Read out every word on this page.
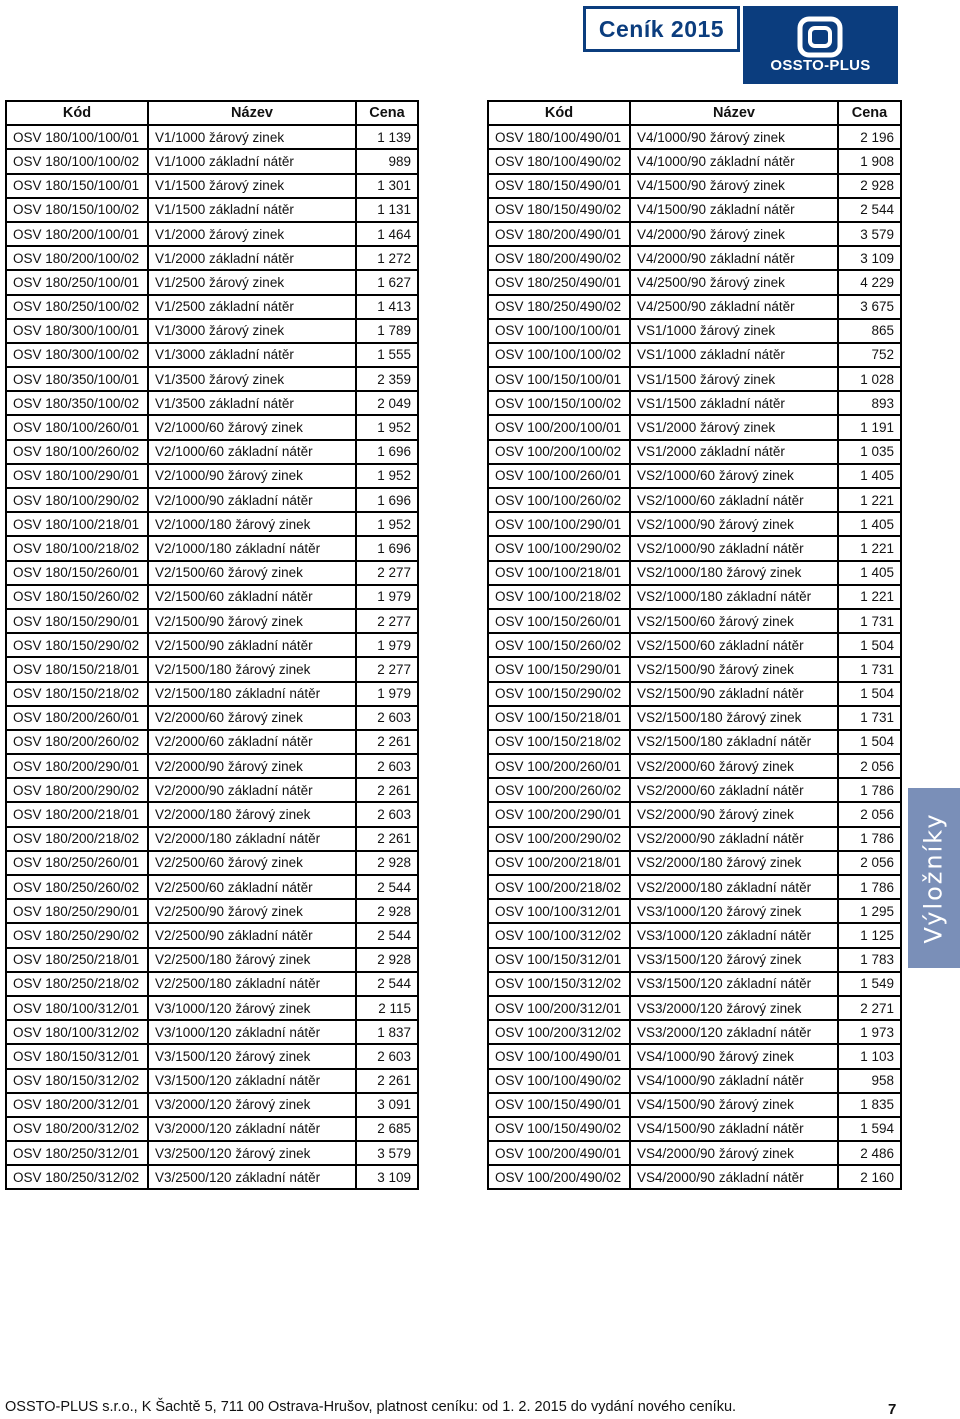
Ceník 2015
OSSTO-PLUS
Kód	Název	Cena
OSV 180/100/100/01	V1/1000 žárový zinek	1 139
OSV 180/100/100/02	V1/1000 základní nátěr	989
OSV 180/150/100/01	V1/1500 žárový zinek	1 301
OSV 180/150/100/02	V1/1500 základní nátěr	1 131
OSV 180/200/100/01	V1/2000 žárový zinek	1 464
OSV 180/200/100/02	V1/2000 základní nátěr	1 272
OSV 180/250/100/01	V1/2500 žárový zinek	1 627
OSV 180/250/100/02	V1/2500 základní nátěr	1 413
OSV 180/300/100/01	V1/3000 žárový zinek	1 789
OSV 180/300/100/02	V1/3000 základní nátěr	1 555
OSV 180/350/100/01	V1/3500 žárový zinek	2 359
OSV 180/350/100/02	V1/3500 základní nátěr	2 049
OSV 180/100/260/01	V2/1000/60 žárový zinek	1 952
OSV 180/100/260/02	V2/1000/60 základní nátěr	1 696
OSV 180/100/290/01	V2/1000/90 žárový zinek	1 952
OSV 180/100/290/02	V2/1000/90 základní nátěr	1 696
OSV 180/100/218/01	V2/1000/180 žárový zinek	1 952
OSV 180/100/218/02	V2/1000/180 základní nátěr	1 696
OSV 180/150/260/01	V2/1500/60 žárový zinek	2 277
OSV 180/150/260/02	V2/1500/60 základní nátěr	1 979
OSV 180/150/290/01	V2/1500/90 žárový zinek	2 277
OSV 180/150/290/02	V2/1500/90 základní nátěr	1 979
OSV 180/150/218/01	V2/1500/180 žárový zinek	2 277
OSV 180/150/218/02	V2/1500/180 základní nátěr	1 979
OSV 180/200/260/01	V2/2000/60 žárový zinek	2 603
OSV 180/200/260/02	V2/2000/60 základní nátěr	2 261
OSV 180/200/290/01	V2/2000/90 žárový zinek	2 603
OSV 180/200/290/02	V2/2000/90 základní nátěr	2 261
OSV 180/200/218/01	V2/2000/180 žárový zinek	2 603
OSV 180/200/218/02	V2/2000/180 základní nátěr	2 261
OSV 180/250/260/01	V2/2500/60 žárový zinek	2 928
OSV 180/250/260/02	V2/2500/60 základní nátěr	2 544
OSV 180/250/290/01	V2/2500/90 žárový zinek	2 928
OSV 180/250/290/02	V2/2500/90 základní nátěr	2 544
OSV 180/250/218/01	V2/2500/180 žárový zinek	2 928
OSV 180/250/218/02	V2/2500/180 základní nátěr	2 544
OSV 180/100/312/01	V3/1000/120 žárový zinek	2 115
OSV 180/100/312/02	V3/1000/120 základní nátěr	1 837
OSV 180/150/312/01	V3/1500/120 žárový zinek	2 603
OSV 180/150/312/02	V3/1500/120 základní nátěr	2 261
OSV 180/200/312/01	V3/2000/120 žárový zinek	3 091
OSV 180/200/312/02	V3/2000/120 základní nátěr	2 685
OSV 180/250/312/01	V3/2500/120 žárový zinek	3 579
OSV 180/250/312/02	V3/2500/120 základní nátěr	3 109
Kód	Název	Cena
OSV 180/100/490/01	V4/1000/90 žárový zinek	2 196
OSV 180/100/490/02	V4/1000/90 základní nátěr	1 908
OSV 180/150/490/01	V4/1500/90 žárový zinek	2 928
OSV 180/150/490/02	V4/1500/90 základní nátěr	2 544
OSV 180/200/490/01	V4/2000/90 žárový zinek	3 579
OSV 180/200/490/02	V4/2000/90 základní nátěr	3 109
OSV 180/250/490/01	V4/2500/90 žárový zinek	4 229
OSV 180/250/490/02	V4/2500/90 základní nátěr	3 675
OSV 100/100/100/01	VS1/1000 žárový zinek	865
OSV 100/100/100/02	VS1/1000 základní nátěr	752
OSV 100/150/100/01	VS1/1500 žárový zinek	1 028
OSV 100/150/100/02	VS1/1500 základní nátěr	893
OSV 100/200/100/01	VS1/2000 žárový zinek	1 191
OSV 100/200/100/02	VS1/2000 základní nátěr	1 035
OSV 100/100/260/01	VS2/1000/60 žárový zinek	1 405
OSV 100/100/260/02	VS2/1000/60 základní nátěr	1 221
OSV 100/100/290/01	VS2/1000/90 žárový zinek	1 405
OSV 100/100/290/02	VS2/1000/90 základní nátěr	1 221
OSV 100/100/218/01	VS2/1000/180 žárový zinek	1 405
OSV 100/100/218/02	VS2/1000/180 základní nátěr	1 221
OSV 100/150/260/01	VS2/1500/60 žárový zinek	1 731
OSV 100/150/260/02	VS2/1500/60 základní nátěr	1 504
OSV 100/150/290/01	VS2/1500/90 žárový zinek	1 731
OSV 100/150/290/02	VS2/1500/90 základní nátěr	1 504
OSV 100/150/218/01	VS2/1500/180 žárový zinek	1 731
OSV 100/150/218/02	VS2/1500/180 základní nátěr	1 504
OSV 100/200/260/01	VS2/2000/60 žárový zinek	2 056
OSV 100/200/260/02	VS2/2000/60 základní nátěr	1 786
OSV 100/200/290/01	VS2/2000/90 žárový zinek	2 056
OSV 100/200/290/02	VS2/2000/90 základní nátěr	1 786
OSV 100/200/218/01	VS2/2000/180 žárový zinek	2 056
OSV 100/200/218/02	VS2/2000/180 základní nátěr	1 786
OSV 100/100/312/01	VS3/1000/120 žárový zinek	1 295
OSV 100/100/312/02	VS3/1000/120 základní nátěr	1 125
OSV 100/150/312/01	VS3/1500/120 žárový zinek	1 783
OSV 100/150/312/02	VS3/1500/120 základní nátěr	1 549
OSV 100/200/312/01	VS3/2000/120 žárový zinek	2 271
OSV 100/200/312/02	VS3/2000/120 základní nátěr	1 973
OSV 100/100/490/01	VS4/1000/90 žárový zinek	1 103
OSV 100/100/490/02	VS4/1000/90 základní nátěr	958
OSV 100/150/490/01	VS4/1500/90 žárový zinek	1 835
OSV 100/150/490/02	VS4/1500/90 základní nátěr	1 594
OSV 100/200/490/01	VS4/2000/90 žárový zinek	2 486
OSV 100/200/490/02	VS4/2000/90 základní nátěr	2 160
Výložníky
OSSTO-PLUS s.r.o., K Šachtě 5, 711 00 Ostrava-Hrušov, platnost ceníku: od 1. 2. 2015 do vydání nového ceníku.	7
